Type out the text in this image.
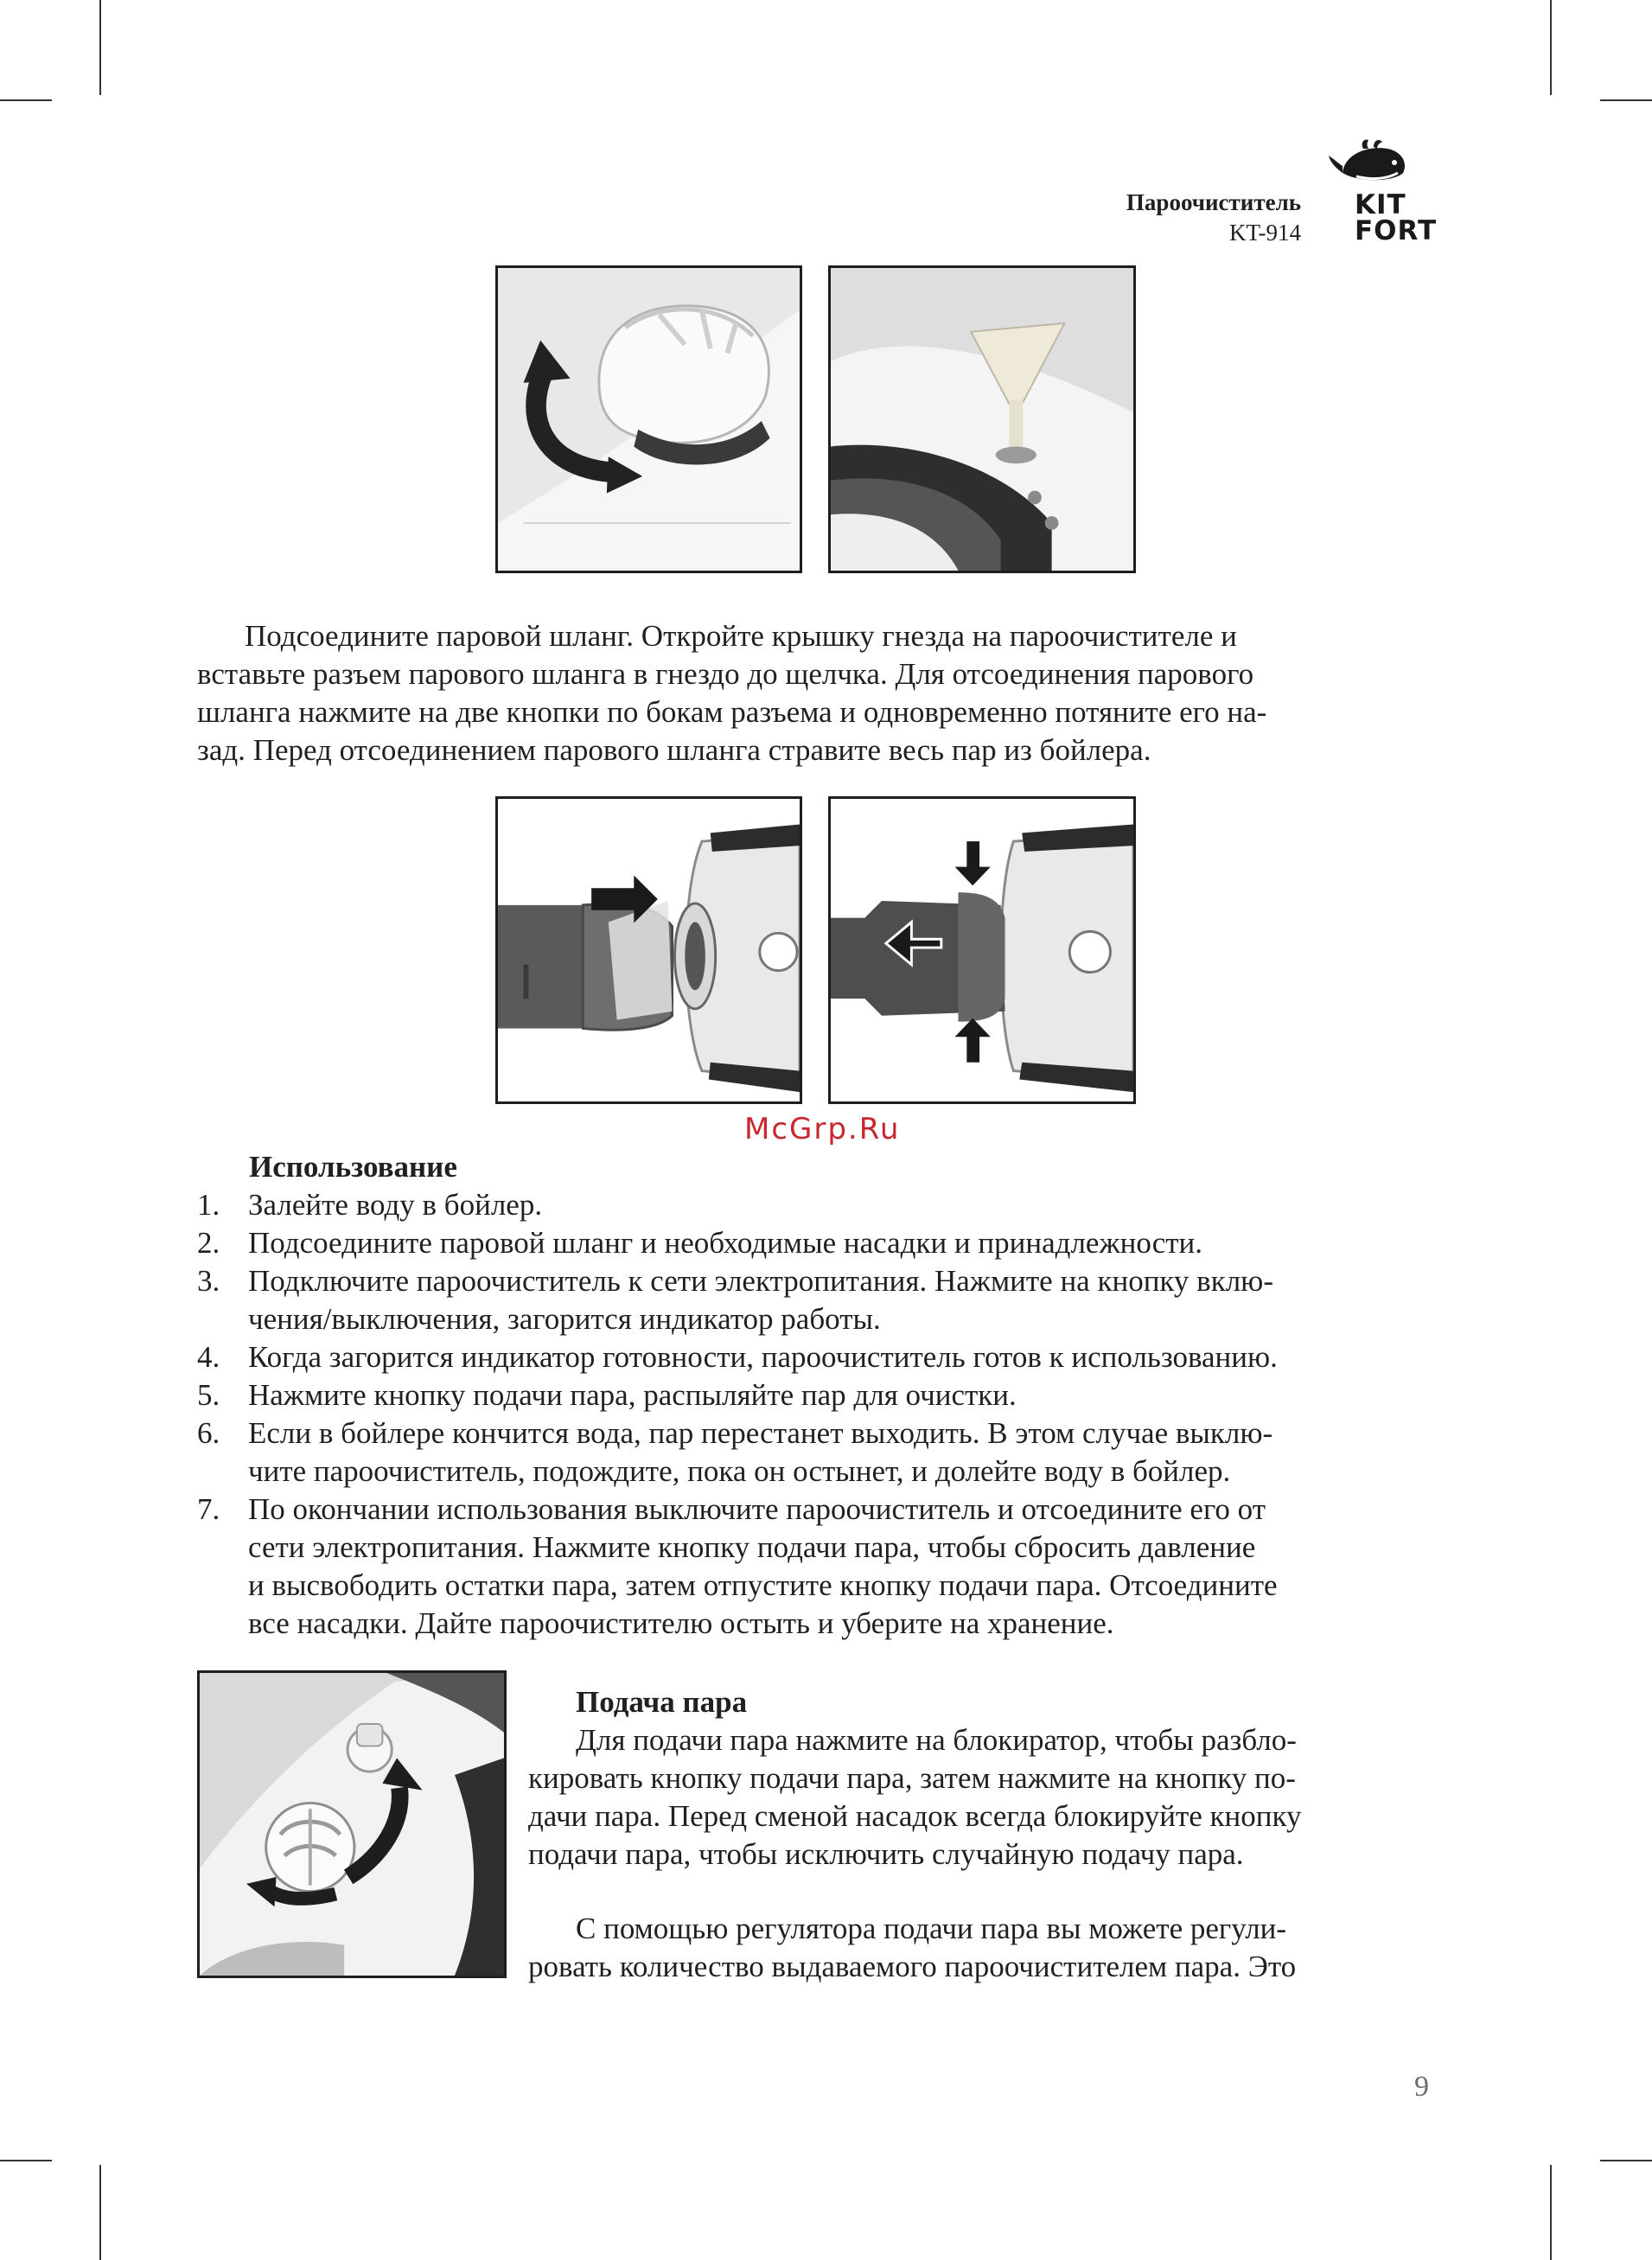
Пароочиститель
KT-914
KIT
FORT
Подсоедините паровой шланг. Откройте крышку гнезда на пароочистителе и
вставьте разъем парового шланга в гнездо до щелчка. Для отсоединения парового
шланга нажмите на две кнопки по бокам разъема и одновременно потяните его на-
зад. Перед отсоединением парового шланга стравите весь пар из бойлера.
McGrp.Ru
Использование
1. Залейте воду в бойлер.
2. Подсоедините паровой шланг и необходимые насадки и принадлежности.
3. Подключите пароочиститель к сети электропитания. Нажмите на кнопку вклю-
чения/выключения, загорится индикатор работы.
4. Когда загорится индикатор готовности, пароочиститель готов к использованию.
5. Нажмите кнопку подачи пара, распыляйте пар для очистки.
6. Если в бойлере кончится вода, пар перестанет выходить. В этом случае выклю-
чите пароочиститель, подождите, пока он остынет, и долейте воду в бойлер.
7. По окончании использования выключите пароочиститель и отсоедините его от
сети электропитания. Нажмите кнопку подачи пара, чтобы сбросить давление
и высвободить остатки пара, затем отпустите кнопку подачи пара. Отсоедините
все насадки. Дайте пароочистителю остыть и уберите на хранение.
Подача пара
Для подачи пара нажмите на блокиратор, чтобы разбло-
кировать кнопку подачи пара, затем нажмите на кнопку по-
дачи пара. Перед сменой насадок всегда блокируйте кнопку
подачи пара, чтобы исключить случайную подачу пара.
С помощью регулятора подачи пара вы можете регули-
ровать количество выдаваемого пароочистителем пара. Это
9
